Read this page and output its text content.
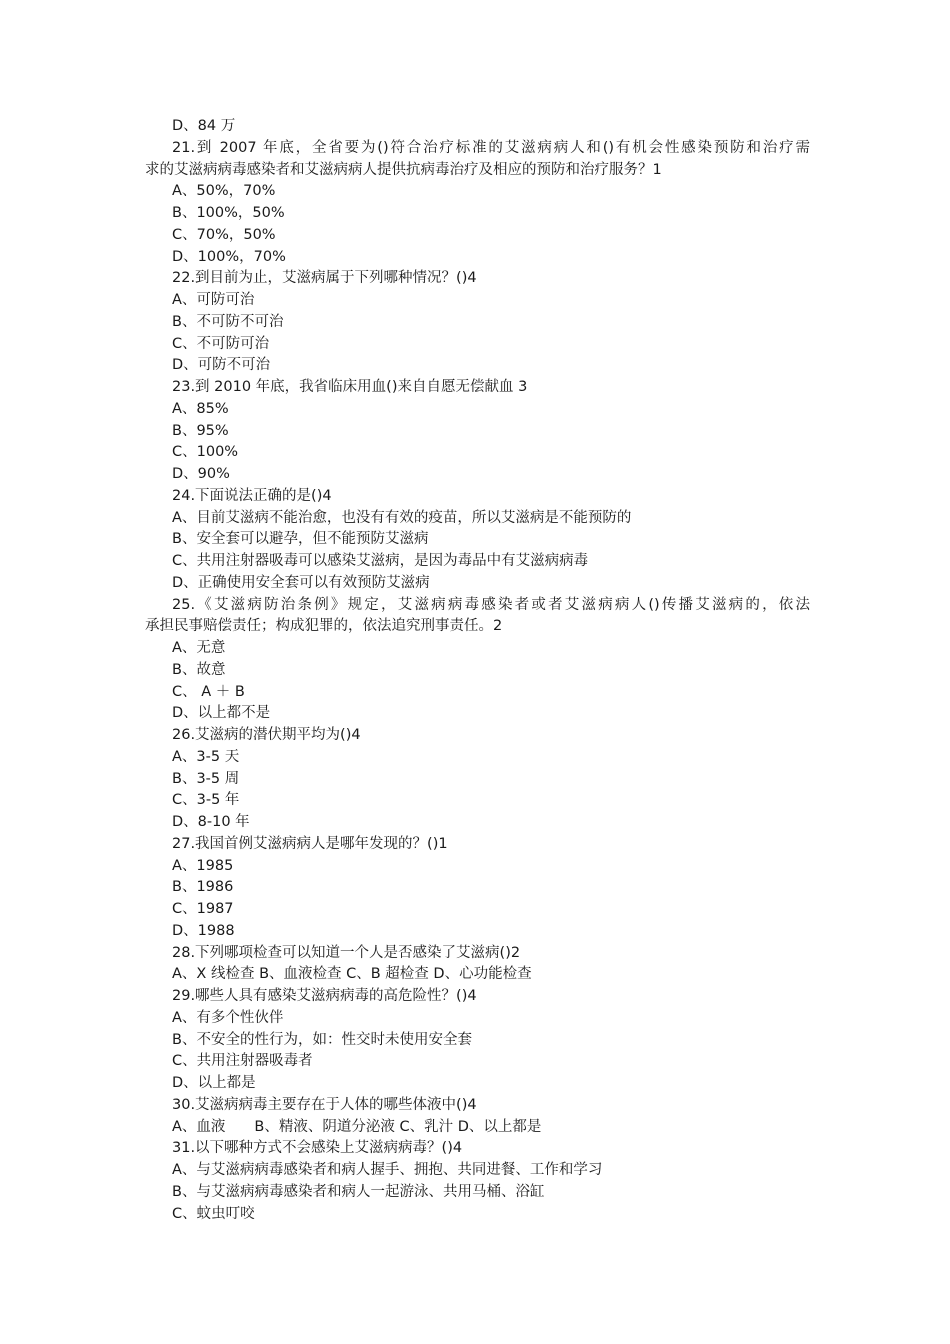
D、84 万
21.到 2007 年底，全省要为()符合治疗标准的艾滋病病人和()有机会性感染预防和治疗需
求的艾滋病病毒感染者和艾滋病病人提供抗病毒治疗及相应的预防和治疗服务？1
A、50%，70%
B、100%，50%
C、70%，50%
D、100%，70%
22.到目前为止，艾滋病属于下列哪种情况？()4
A、可防可治
B、不可防不可治
C、不可防可治
D、可防不可治
23.到 2010 年底，我省临床用血()来自自愿无偿献血 3
A、85%
B、95%
C、100%
D、90%
24.下面说法正确的是()4
A、目前艾滋病不能治愈，也没有有效的疫苗，所以艾滋病是不能预防的
B、安全套可以避孕，但不能预防艾滋病
C、共用注射器吸毒可以感染艾滋病，是因为毒品中有艾滋病病毒
D、正确使用安全套可以有效预防艾滋病
25.《艾滋病防治条例》规定，艾滋病病毒感染者或者艾滋病病人()传播艾滋病的，依法
承担民事赔偿责任；构成犯罪的，依法追究刑事责任。2
A、无意
B、故意
C、 A ＋ B
D、以上都不是
26.艾滋病的潜伏期平均为()4
A、3-5 天
B、3-5 周
C、3-5 年
D、8-10 年
27.我国首例艾滋病病人是哪年发现的？()1
A、1985
B、1986
C、1987
D、1988
28.下列哪项检查可以知道一个人是否感染了艾滋病()2
A、X 线检查 B、血液检查 C、B 超检查 D、心功能检查
29.哪些人具有感染艾滋病病毒的高危险性？()4
A、有多个性伙伴
B、不安全的性行为，如：性交时未使用安全套
C、共用注射器吸毒者
D、以上都是
30.艾滋病病毒主要存在于人体的哪些体液中()4
A、血液　　B、精液、阴道分泌液 C、乳汁 D、以上都是
31.以下哪种方式不会感染上艾滋病病毒？()4
A、与艾滋病病毒感染者和病人握手、拥抱、共同进餐、工作和学习
B、与艾滋病病毒感染者和病人一起游泳、共用马桶、浴缸
C、蚊虫叮咬
